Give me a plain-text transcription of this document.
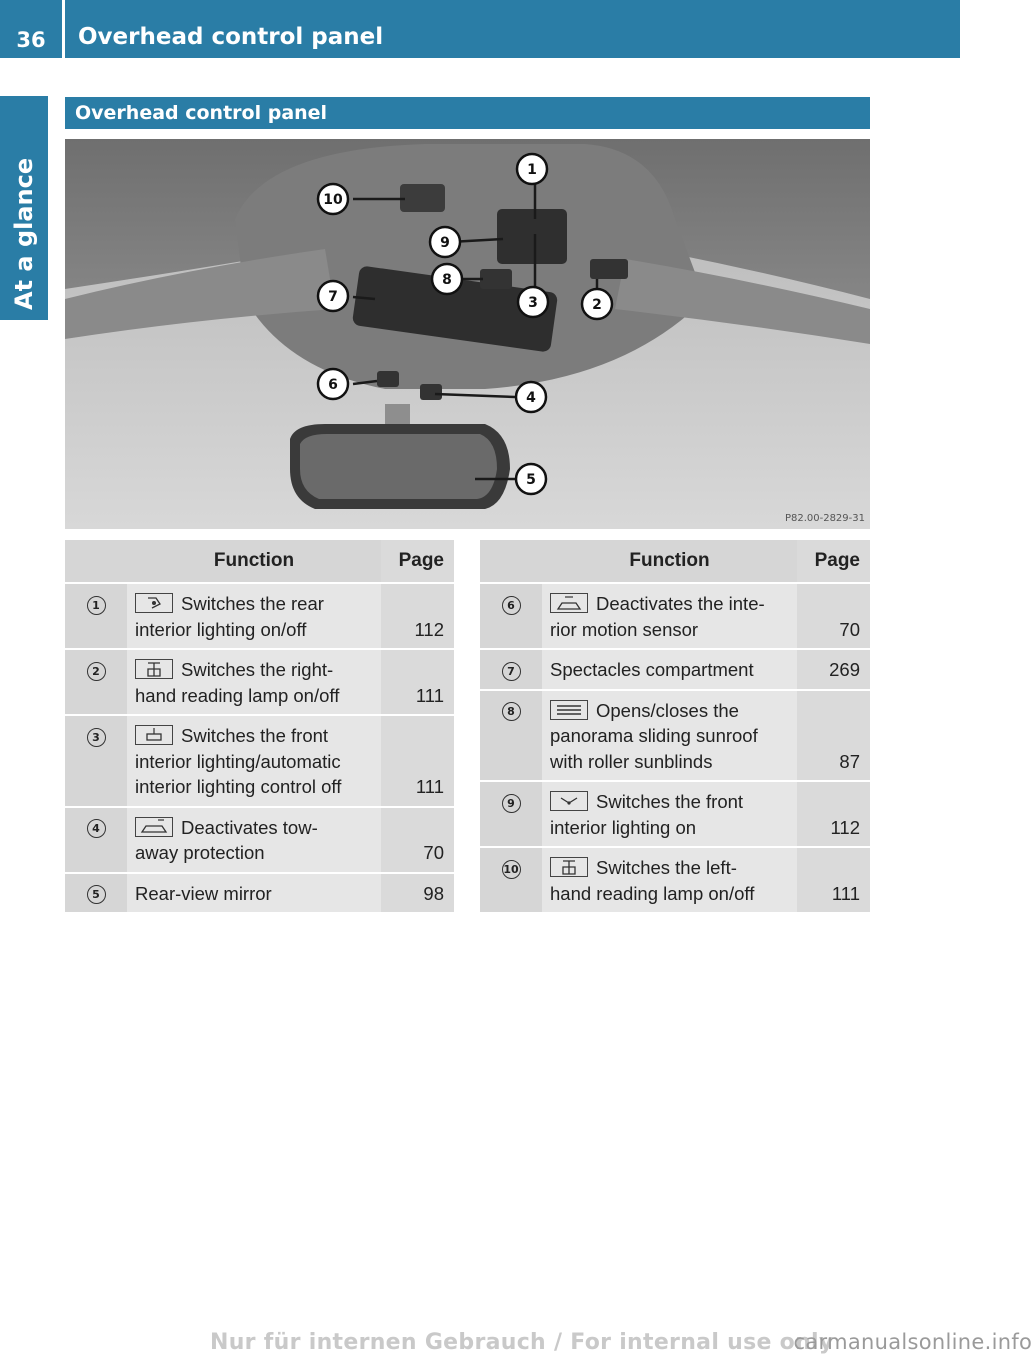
36	Overhead control panel
At a glance
Overhead control panel
10
1
9
8
3	2
7
6
4
5
P82.00-2829-31
	Function	Page
1	Switches the rear
interior lighting on/off	112
2	Switches the right-
hand reading lamp on/off	111
3	Switches the front
interior lighting/automatic
interior lighting control off	111
4	Deactivates tow-
away protection	70
5	Rear-view mirror	98
	Function	Page
6	Deactivates the inte-
rior motion sensor	70
7	Spectacles compartment	269
8	Opens/closes the
panorama sliding sunroof
with roller sunblinds	87
9	Switches the front
interior lighting on	112
10	Switches the left-
hand reading lamp on/off	111
Nur für internen Gebrauch / For internal use onlycarmanualsonline.info
